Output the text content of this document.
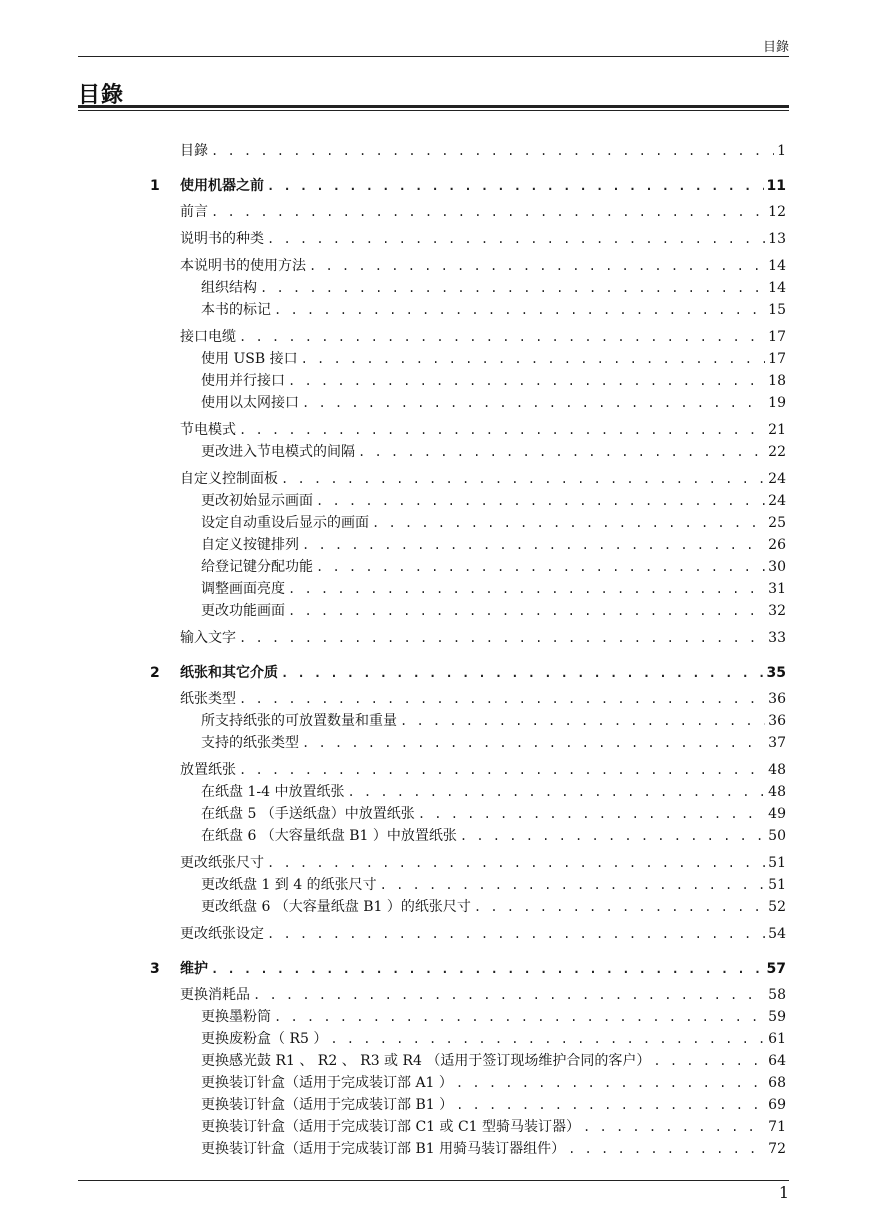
目錄
目錄
目錄 . . .	1
1 使用机器之前 . . .	11
前言 . . .	12
说明书的种类 . . .	13
本说明书的使用方法 . . .	14
组织结构 . . .	14
本书的标记 . . .	15
接口电缆 . . .	17
使用 USB 接口 . . .	17
使用并行接口 . . .	18
使用以太网接口 . . .	19
节电模式 . . .	21
更改进入节电模式的间隔 . . .	22
自定义控制面板 . . .	24
更改初始显示画面 . . .	24
设定自动重设后显示的画面 . . .	25
自定义按键排列 . . .	26
给登记键分配功能 . . .	30
调整画面亮度 . . .	31
更改功能画面 . . .	32
输入文字 . . .	33
2 纸张和其它介质 . . .	35
纸张类型 . . .	36
所支持纸张的可放置数量和重量 . . .	36
支持的纸张类型 . . .	37
放置纸张 . . .	48
在纸盘 1-4 中放置纸张 . . .	48
在纸盘 5 （手送纸盘）中放置纸张 . . .	49
在纸盘 6 （大容量纸盘 B1 ）中放置纸张 . . .	50
更改纸张尺寸 . . .	51
更改纸盘 1 到 4 的纸张尺寸 . . .	51
更改纸盘 6 （大容量纸盘 B1 ）的纸张尺寸 . . .	52
更改纸张设定 . . .	54
3 维护 . . .	57
更换消耗品 . . .	58
更换墨粉筒 . . .	59
更换废粉盒（ R5 ） . . .	61
更换感光鼓 R1 、 R2 、 R3 或 R4 （适用于签订现场维护合同的客户） . . .	64
更换装订针盒（适用于完成装订部 A1 ） . . .	68
更换装订针盒（适用于完成装订部 B1 ） . . .	69
更换装订针盒（适用于完成装订部 C1 或 C1 型骑马装订器） . . .	71
更换装订针盒（适用于完成装订部 B1 用骑马装订器组件） . . .	72
1
